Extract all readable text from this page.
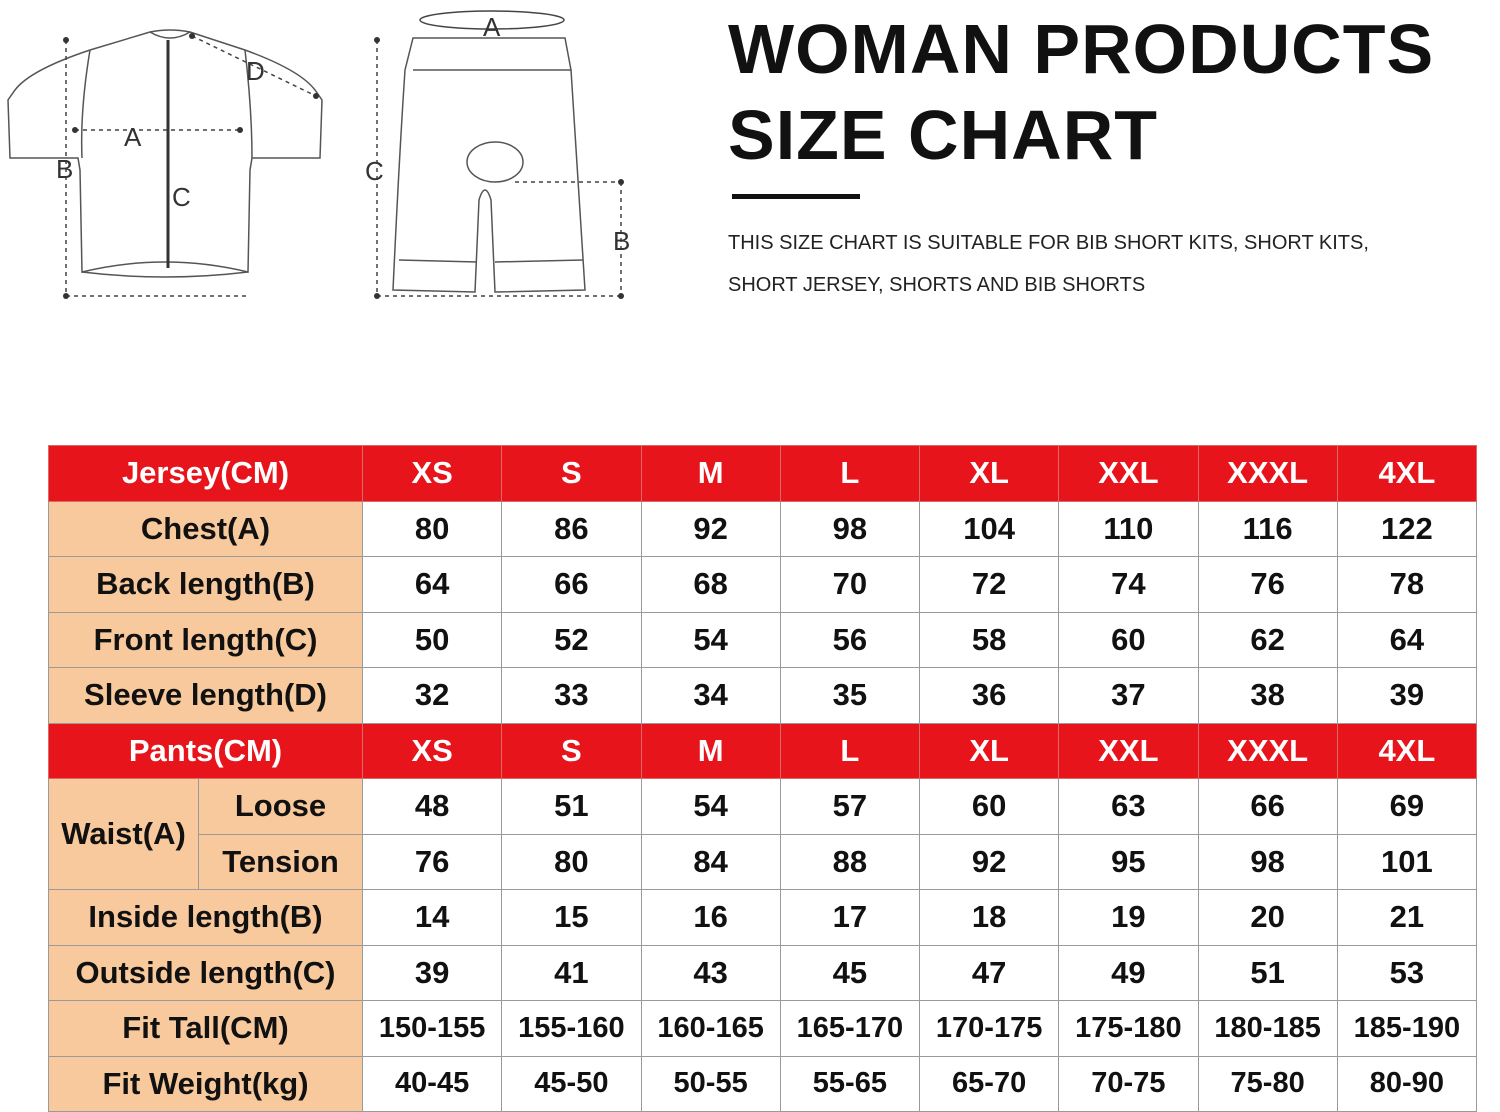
A
B
C
D
A
B
C
WOMAN PRODUCTS
SIZE CHART

THIS SIZE CHART IS SUITABLE FOR BIB SHORT KITS, SHORT KITS,
SHORT JERSEY, SHORTS AND BIB SHORTS

Jersey(CM)		XS	S	M	L	XL	XXL	XXXL	4XL
Chest(A)		80	86	92	98	104	110	116	122
Back length(B)		64	66	68	70	72	74	76	78
Front length(C)		50	52	54	56	58	60	62	64
Sleeve length(D)		32	33	34	35	36	37	38	39
Pants(CM)		XS	S	M	L	XL	XXL	XXXL	4XL
Waist(A)	Loose	48	51	54	57	60	63	66	69
	Tension	76	80	84	88	92	95	98	101
Inside length(B)		14	15	16	17	18	19	20	21
Outside length(C)		39	41	43	45	47	49	51	53
Fit Tall(CM)		150-155	155-160	160-165	165-170	170-175	175-180	180-185	185-190
Fit Weight(kg)		40-45	45-50	50-55	55-65	65-70	70-75	75-80	80-90
